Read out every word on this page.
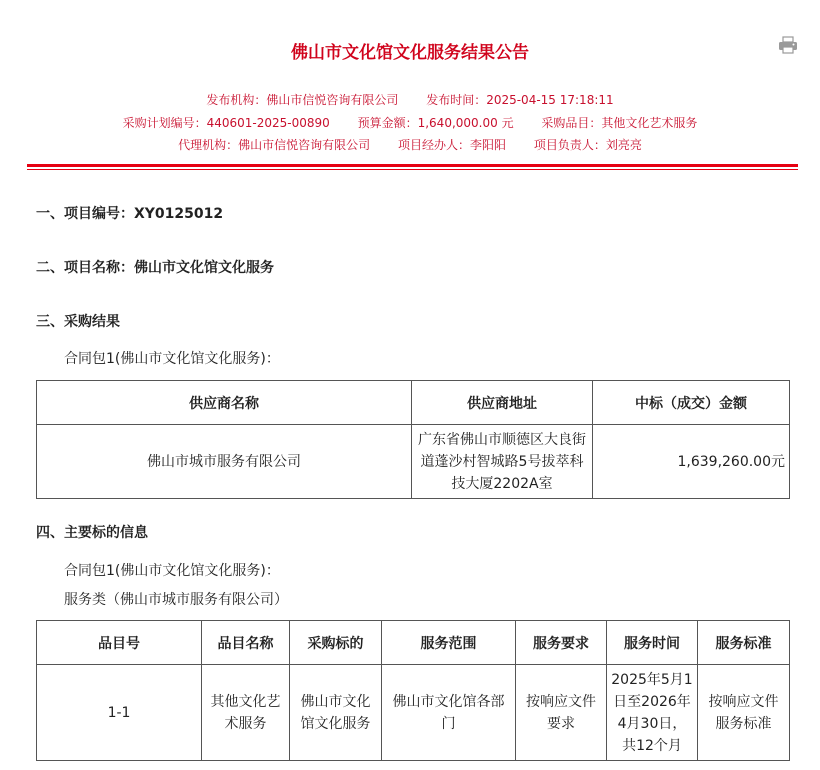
佛山市文化馆文化服务结果公告
发布机构：佛山市信悦咨询有限公司 发布时间：2025-04-15 17:18:11
采购计划编号：440601-2025-00890 预算金额：1,640,000.00 元 采购品目：其他文化艺术服务
代理机构：佛山市信悦咨询有限公司 项目经办人：李阳阳 项目负责人：刘亮亮
一、项目编号：XY0125012
二、项目名称：佛山市文化馆文化服务
三、采购结果
合同包1(佛山市文化馆文化服务)：
供应商名称	供应商地址	中标（成交）金额
佛山市城市服务有限公司	广东省佛山市顺德区大良街道蓬沙村智城路5号拔萃科技大厦2202A室	1,639,260.00元
四、主要标的信息
合同包1(佛山市文化馆文化服务)：
服务类（佛山市城市服务有限公司）
品目号	品目名称	采购标的	服务范围	服务要求	服务时间	服务标准
1-1	其他文化艺术服务	佛山市文化馆文化服务	佛山市文化馆各部门	按响应文件要求	2025年5月1日至2026年4月30日，共12个月	按响应文件服务标准
